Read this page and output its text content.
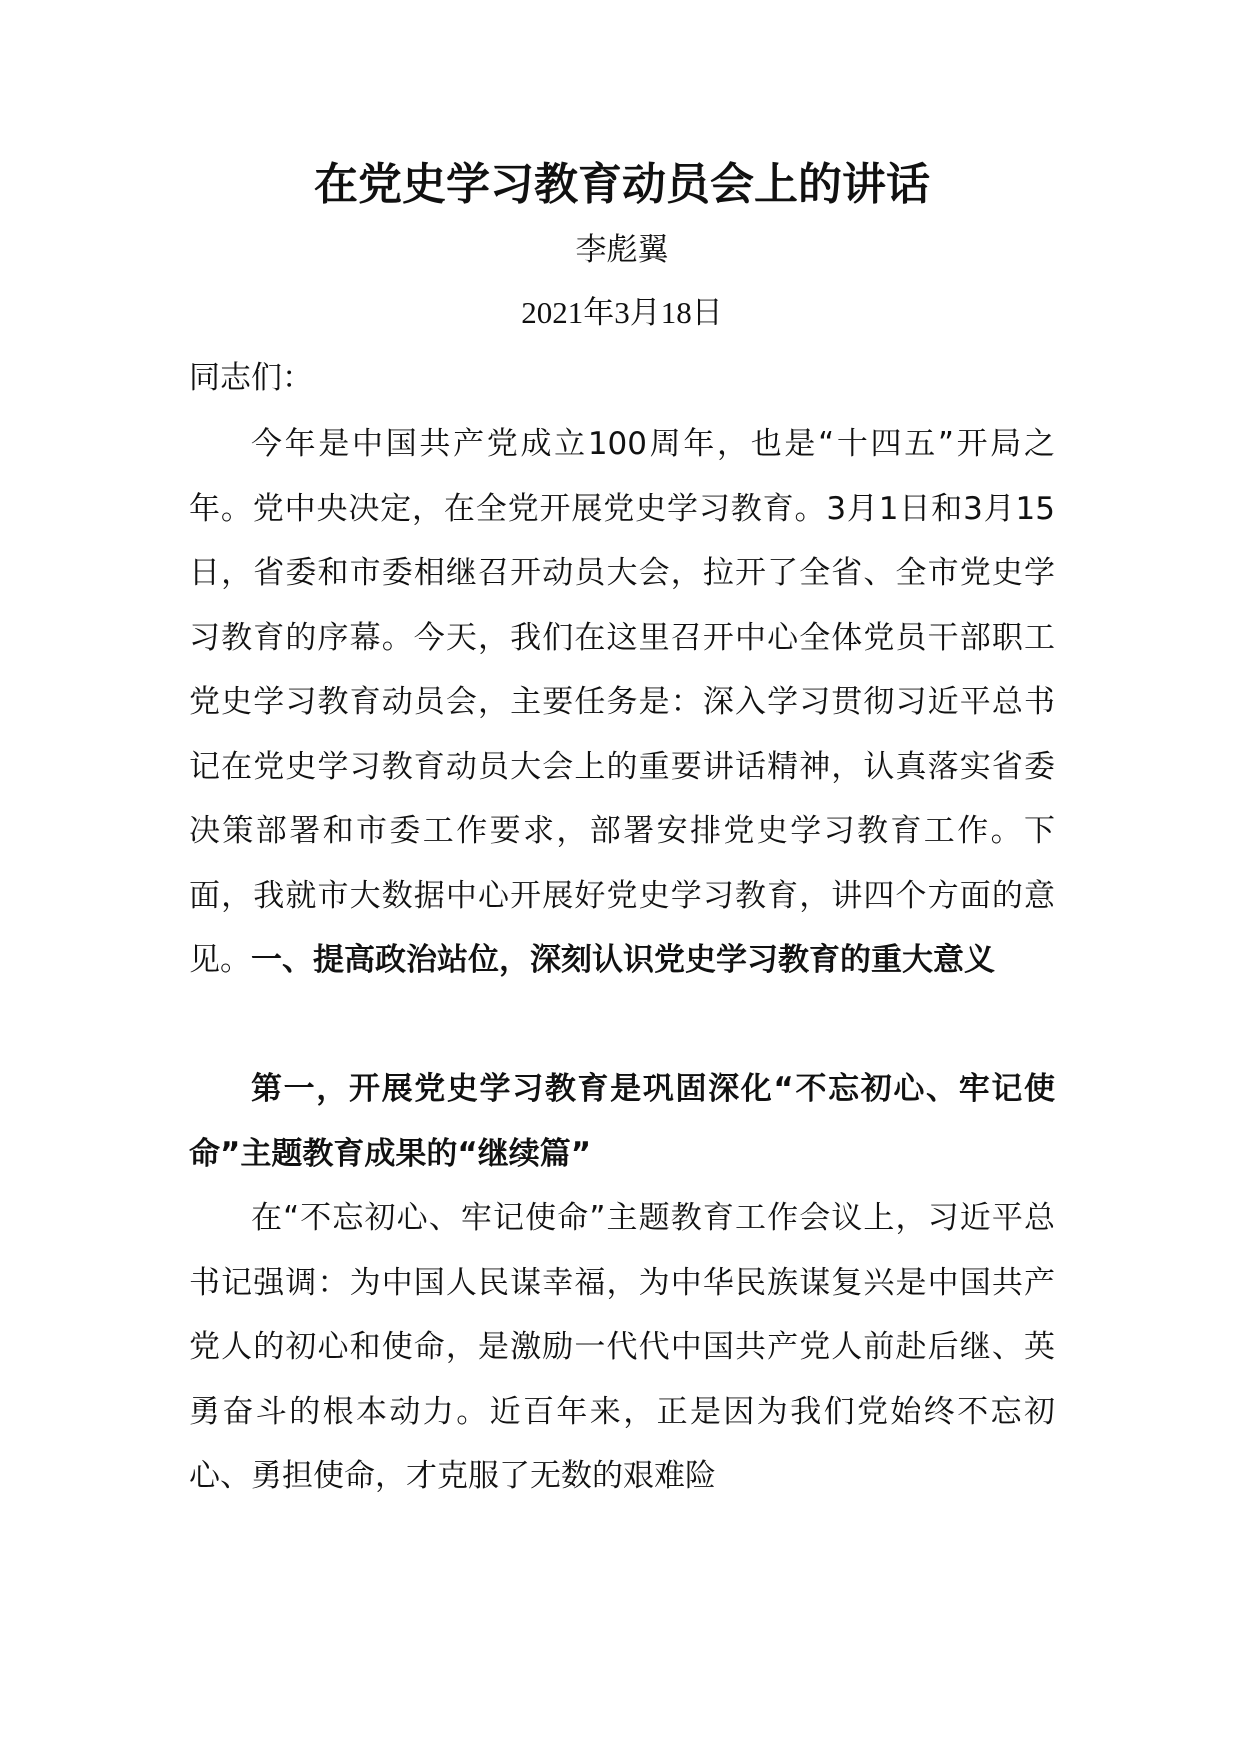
在党史学习教育动员会上的讲话
李彪翼
2021年3月18日
同志们：

今年是中国共产党成立100周年，也是“十四五”开局之年。党中央决定，在全党开展党史学习教育。3月1日和3月15日，省委和市委相继召开动员大会，拉开了全省、全市党史学习教育的序幕。今天，我们在这里召开中心全体党员干部职工党史学习教育动员会，主要任务是：深入学习贯彻习近平总书记在党史学习教育动员大会上的重要讲话精神，认真落实省委决策部署和市委工作要求，部署安排党史学习教育工作。下面，我就市大数据中心开展好党史学习教育，讲四个方面的意见。 一、提高政治站位，深刻认识党史学习教育的重大意义

第一，开展党史学习教育是巩固深化“不忘初心、牢记使命”主题教育成果的“继续篇”

在“不忘初心、牢记使命”主题教育工作会议上，习近平总书记强调：为中国人民谋幸福，为中华民族谋复兴是中国共产党人的初心和使命，是激励一代代中国共产党人前赴后继、英勇奋斗的根本动力。近百年来，正是因为我们党始终不忘初心、勇担使命，才克服了无数的艰难险
